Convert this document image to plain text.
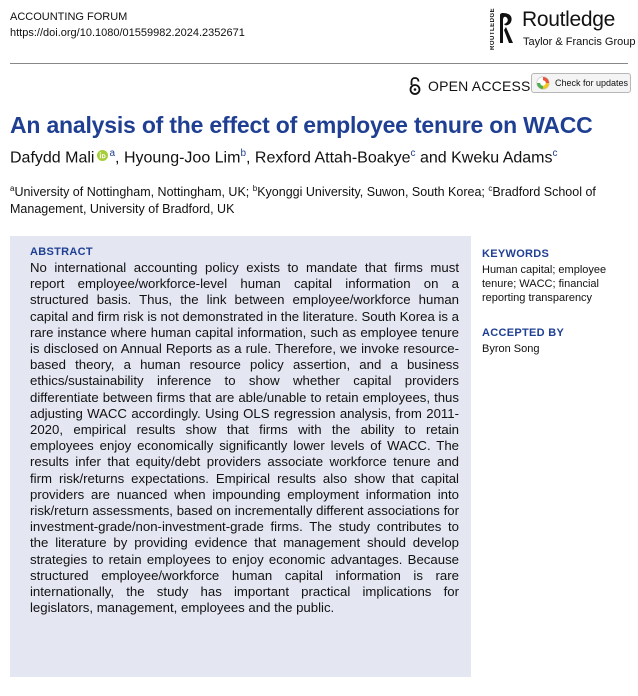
ACCOUNTING FORUM
https://doi.org/10.1080/01559982.2024.2352671	ROUTLEDGE Routledge
Taylor & Francis Group
OPEN ACCESS	Check for updates
An analysis of the effect of employee tenure on WACC
Dafydd Mali $^a$, Hyoung-Joo Lim$^b$, Rexford Attah-Boakye$^c$ and Kweku Adams$^c$
$^a$University of Nottingham, Nottingham, UK; $^b$Kyonggi University, Suwon, South Korea; $^c$Bradford School of Management, University of Bradford, UK
ABSTRACT
No international accounting policy exists to mandate that firms must report employee/workforce-level human capital information on a structured basis. Thus, the link between employee/workforce human capital and firm risk is not demonstrated in the literature. South Korea is a rare instance where human capital information, such as employee tenure is disclosed on Annual Reports as a rule. Therefore, we invoke resource-based theory, a human resource policy assertion, and a business ethics/sustainability inference to show whether capital providers differentiate between firms that are able/unable to retain employees, thus adjusting WACC accordingly. Using OLS regression analysis, from 2011-2020, empirical results show that firms with the ability to retain employees enjoy economically significantly lower levels of WACC. The results infer that equity/debt providers associate workforce tenure and firm risk/returns expectations. Empirical results also show that capital providers are nuanced when impounding employment information into risk/return assessments, based on incrementally different associations for investment-grade/non-investment-grade firms. The study contributes to the literature by providing evidence that management should develop strategies to retain employees to enjoy economic advantages. Because structured employee/workforce human capital information is rare internationally, the study has important practical implications for legislators, management, employees and the public.
KEYWORDS
Human capital; employee tenure; WACC; financial reporting transparency
ACCEPTED BY
Byron Song
